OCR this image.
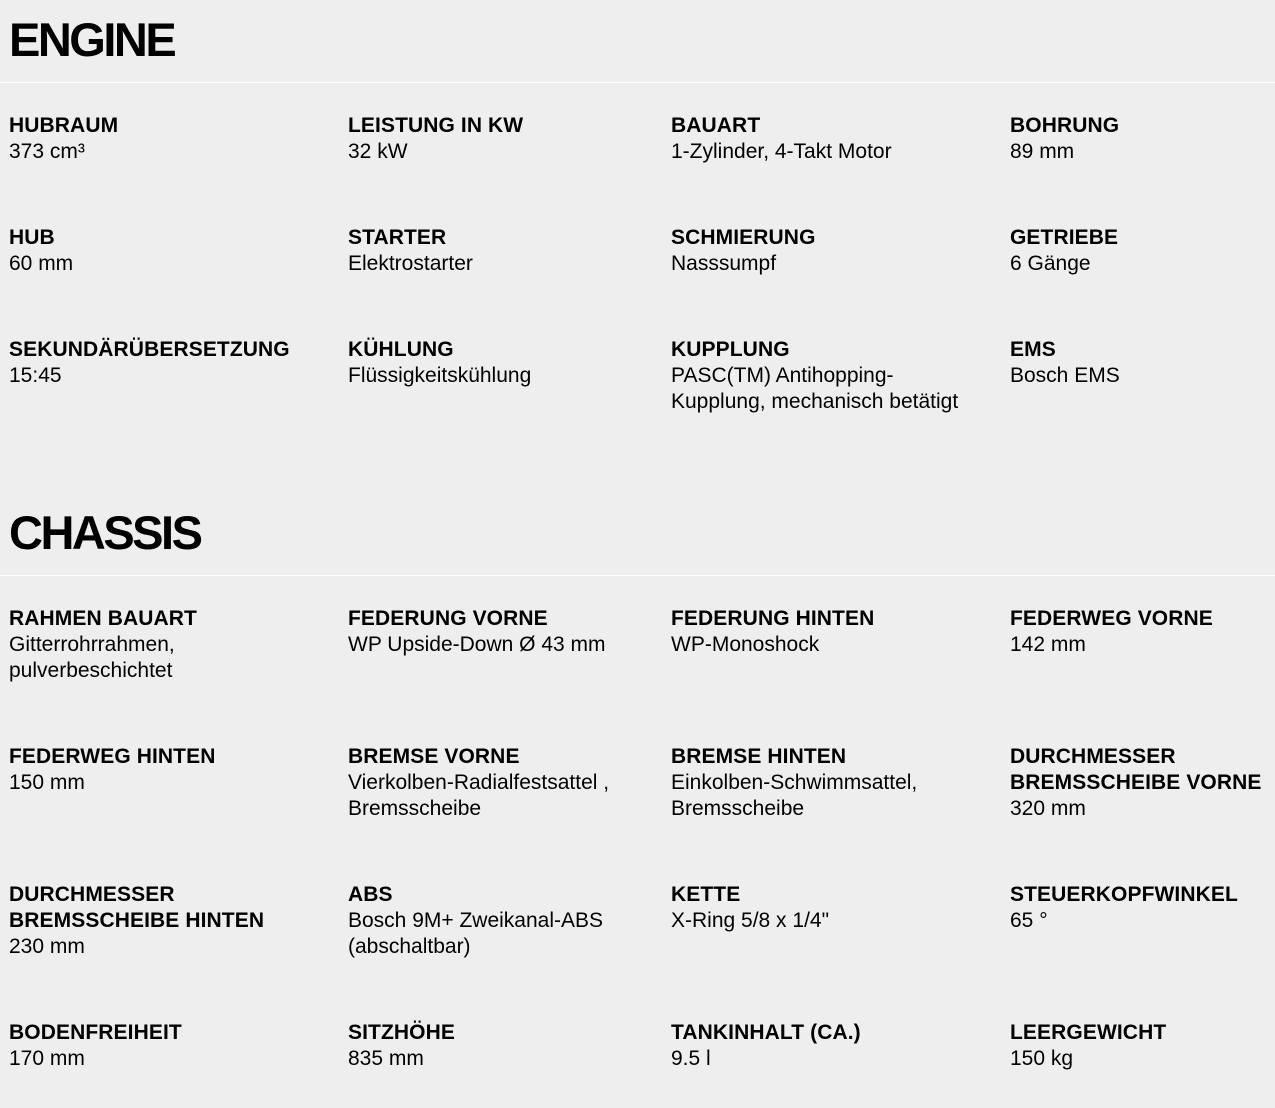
ENGINE
HUBRAUM
373 cm³
LEISTUNG IN KW
32 kW
BAUART
1-Zylinder, 4-Takt Motor
BOHRUNG
89 mm
HUB
60 mm
STARTER
Elektrostarter
SCHMIERUNG
Nasssumpf
GETRIEBE
6 Gänge
SEKUNDÄRÜBERSETZUNG
15:45
KÜHLUNG
Flüssigkeitskühlung
KUPPLUNG
PASC(TM) Antihopping-
Kupplung, mechanisch betätigt
EMS
Bosch EMS
CHASSIS
RAHMEN BAUART
Gitterrohrrahmen,
pulverbeschichtet
FEDERUNG VORNE
WP Upside-Down Ø 43 mm
FEDERUNG HINTEN
WP-Monoshock
FEDERWEG VORNE
142 mm
FEDERWEG HINTEN
150 mm
BREMSE VORNE
Vierkolben-Radialfestsattel ,
Bremsscheibe
BREMSE HINTEN
Einkolben-Schwimmsattel,
Bremsscheibe
DURCHMESSER
BREMSSCHEIBE VORNE
320 mm
DURCHMESSER
BREMSSCHEIBE HINTEN
230 mm
ABS
Bosch 9M+ Zweikanal-ABS
(abschaltbar)
KETTE
X-Ring 5/8 x 1/4"
STEUERKOPFWINKEL
65 °
BODENFREIHEIT
170 mm
SITZHÖHE
835 mm
TANKINHALT (CA.)
9.5 l
LEERGEWICHT
150 kg
